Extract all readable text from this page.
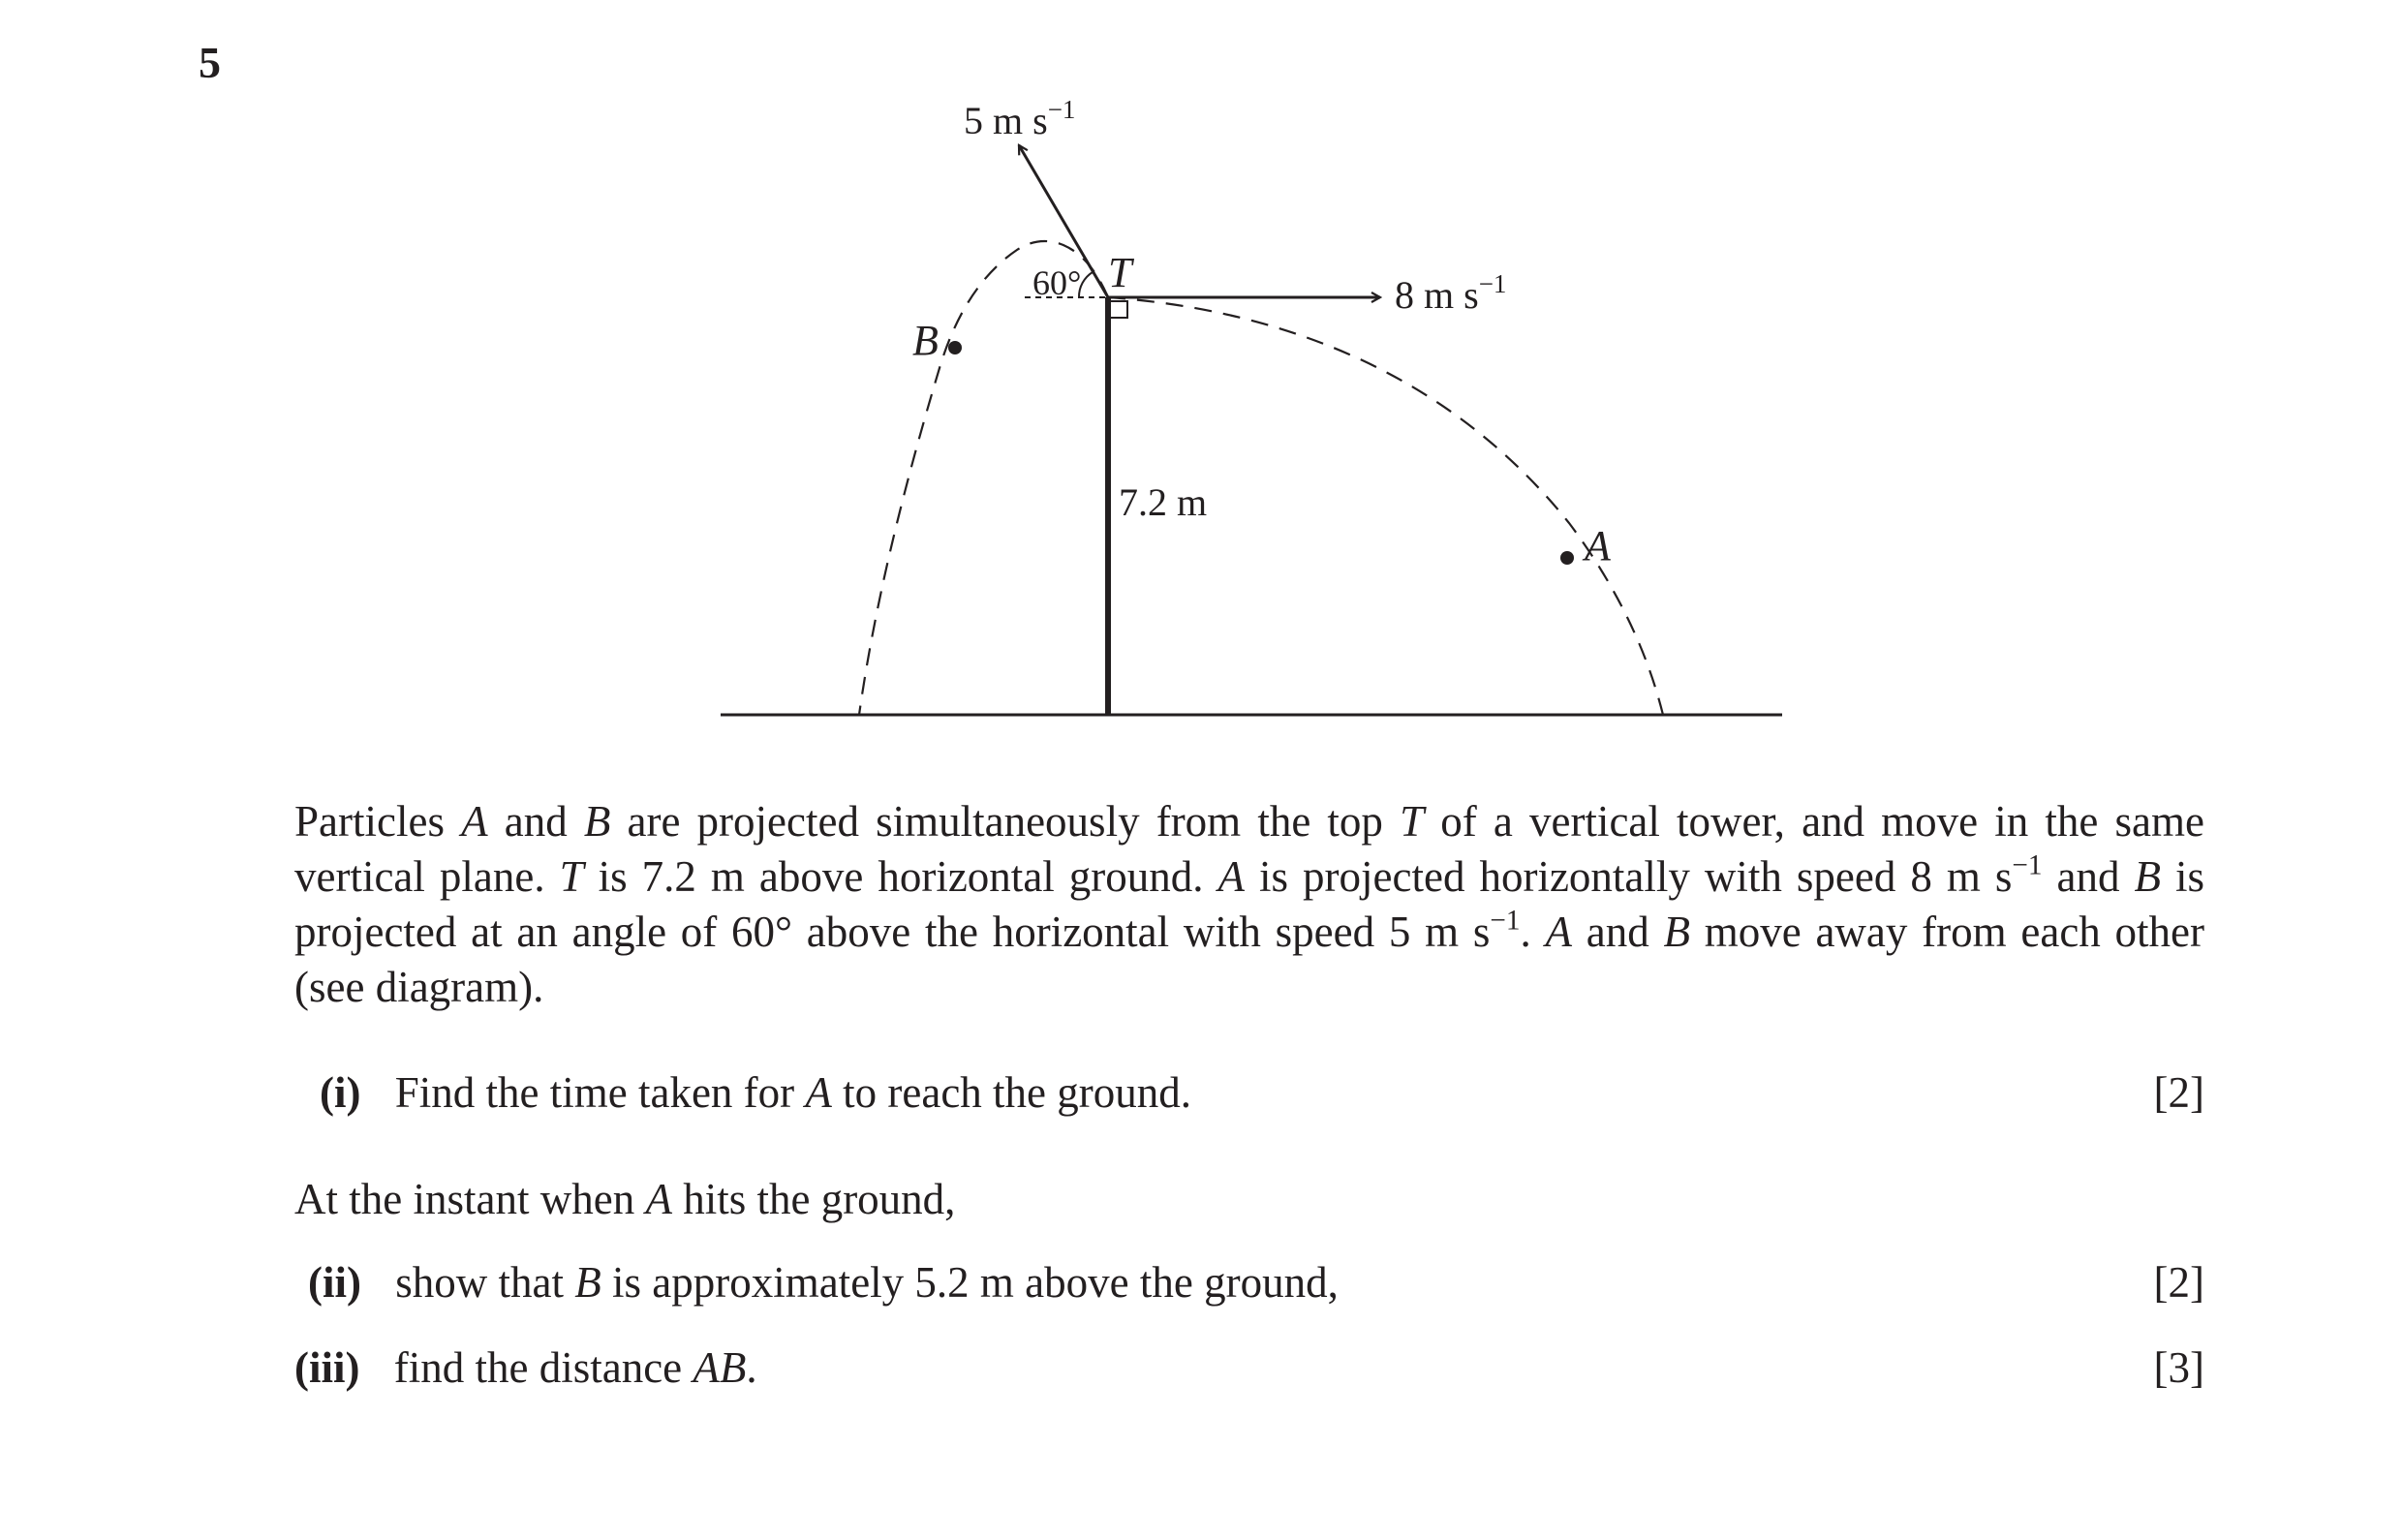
5
5 m $s^{-1}$
8 m $s^{-1}$
60° T
7.2 m
A
B

Particles A and B are projected simultaneously from the top T of a vertical tower, and move in the same vertical plane. T is 7.2 m above horizontal ground. A is projected horizontally with speed 8 m $s^{-1}$ and B is projected at an angle of 60° above the horizontal with speed 5 m $s^{-1}$. A and B move away from each other (see diagram).

(i) Find the time taken for A to reach the ground.	[2]
At the instant when A hits the ground,
(ii) show that B is approximately 5.2 m above the ground,	[2]
(iii) find the distance AB.	[3]
